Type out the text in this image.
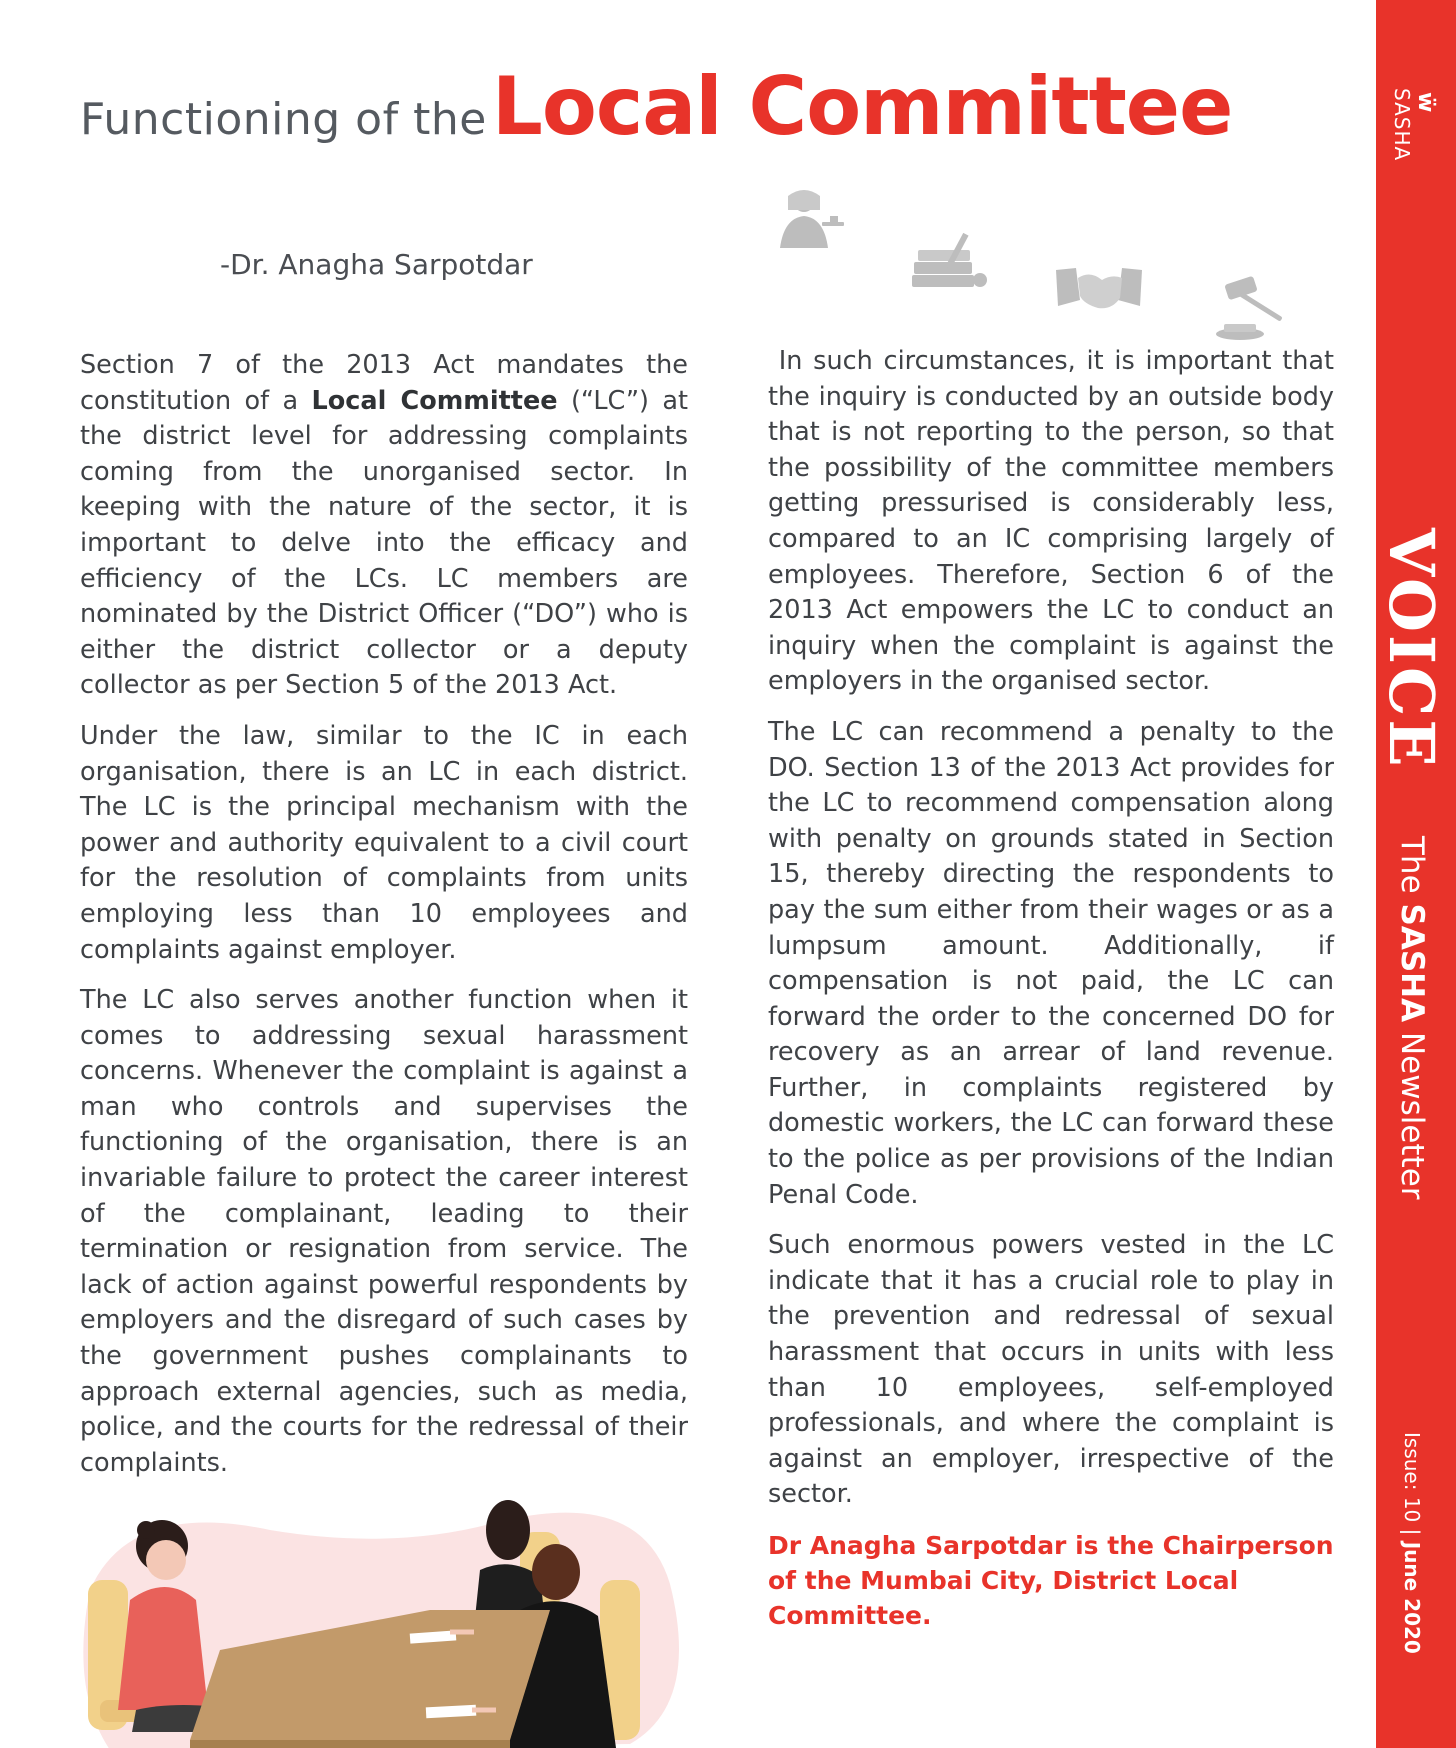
Functioning of the Local Committee
-Dr. Anagha Sarpotdar

Section 7 of the 2013 Act mandates the constitution of a Local Committee (“LC”) at the district level for addressing complaints coming from the unorganised sector. In keeping with the nature of the sector, it is important to delve into the efficacy and efficiency of the LCs. LC members are nominated by the District Officer (“DO”) who is either the district collector or a deputy collector as per Section 5 of the 2013 Act.

Under the law, similar to the IC in each organisation, there is an LC in each district. The LC is the principal mechanism with the power and authority equivalent to a civil court for the resolution of complaints from units employing less than 10 employees and complaints against employer.

The LC also serves another function when it comes to addressing sexual harassment concerns. Whenever the complaint is against a man who controls and supervises the functioning of the organisation, there is an invariable failure to protect the career interest of the complainant, leading to their termination or resignation from service. The lack of action against powerful respondents by employers and the disregard of such cases by the government pushes complainants to approach external agencies, such as media, police, and the courts for the redressal of their complaints.

In such circumstances, it is important that the inquiry is conducted by an outside body that is not reporting to the person, so that the possibility of the committee members getting pressurised is considerably less, compared to an IC comprising largely of employees. Therefore, Section 6 of the 2013 Act empowers the LC to conduct an inquiry when the complaint is against the employers in the organised sector.

The LC can recommend a penalty to the DO. Section 13 of the 2013 Act provides for the LC to recommend compensation along with penalty on grounds stated in Section 15, thereby directing the respondents to pay the sum either from their wages or as a lumpsum amount. Additionally, if compensation is not paid, the LC can forward the order to the concerned DO for recovery as an arrear of land revenue. Further, in complaints registered by domestic workers, the LC can forward these to the police as per provisions of the Indian Penal Code.

Such enormous powers vested in the LC indicate that it has a crucial role to play in the prevention and redressal of sexual harassment that occurs in units with less than 10 employees, self-employed professionals, and where the complaint is against an employer, irrespective of the sector.

Dr Anagha Sarpotdar is the Chairperson of the Mumbai City, District Local Committee.

ẅ
SASHA
VOICE
The SASHA Newsletter
Issue: 10 | June 2020
